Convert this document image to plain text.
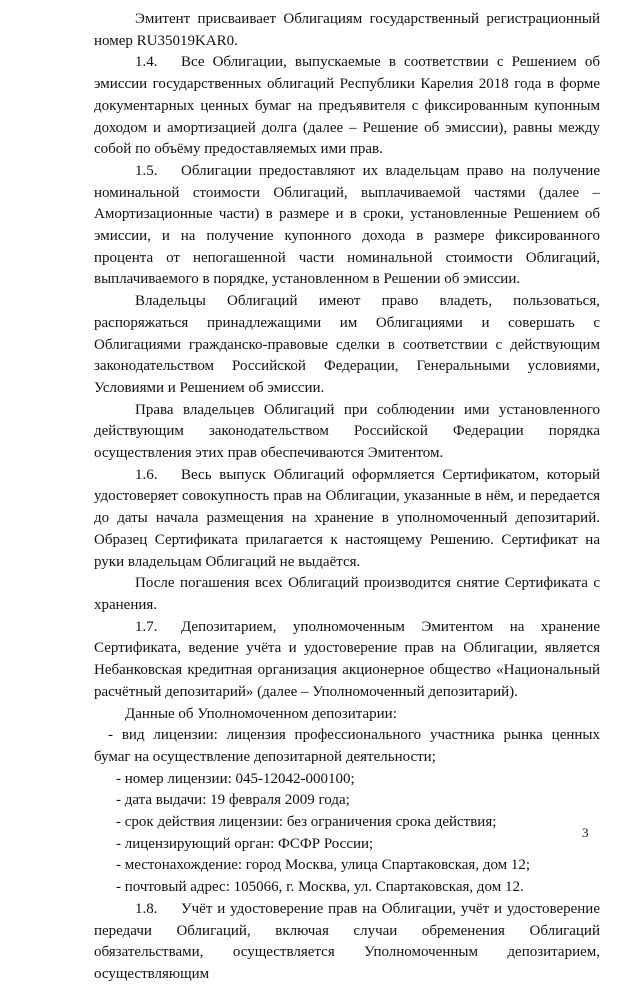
Эмитент присваивает Облигациям государственный регистрационный номер RU35019KAR0.

1.4. Все Облигации, выпускаемые в соответствии с Решением об эмиссии государственных облигаций Республики Карелия 2018 года в форме документарных ценных бумаг на предъявителя с фиксированным купонным доходом и амортизацией долга (далее – Решение об эмиссии), равны между собой по объёму предоставляемых ими прав.

1.5. Облигации предоставляют их владельцам право на получение номинальной стоимости Облигаций, выплачиваемой частями (далее – Амортизационные части) в размере и в сроки, установленные Решением об эмиссии, и на получение купонного дохода в размере фиксированного процента от непогашенной части номинальной стоимости Облигаций, выплачиваемого в порядке, установленном в Решении об эмиссии.

Владельцы Облигаций имеют право владеть, пользоваться, распоряжаться принадлежащими им Облигациями и совершать с Облигациями гражданско-правовые сделки в соответствии с действующим законодательством Российской Федерации, Генеральными условиями, Условиями и Решением об эмиссии.

Права владельцев Облигаций при соблюдении ими установленного действующим законодательством Российской Федерации порядка осуществления этих прав обеспечиваются Эмитентом.

1.6. Весь выпуск Облигаций оформляется Сертификатом, который удостоверяет совокупность прав на Облигации, указанные в нём, и передается до даты начала размещения на хранение в уполномоченный депозитарий. Образец Сертификата прилагается к настоящему Решению. Сертификат на руки владельцам Облигаций не выдаётся.

После погашения всех Облигаций производится снятие Сертификата с хранения.

1.7. Депозитарием, уполномоченным Эмитентом на хранение Сертификата, ведение учёта и удостоверение прав на Облигации, является Небанковская кредитная организация акционерное общество «Национальный расчётный депозитарий» (далее – Уполномоченный депозитарий).

Данные об Уполномоченном депозитарии:

- вид лицензии: лицензия профессионального участника рынка ценных бумаг на осуществление депозитарной деятельности;

- номер лицензии: 045-12042-000100;

- дата выдачи: 19 февраля 2009 года;

- срок действия лицензии: без ограничения срока действия;

- лицензирующий орган: ФСФР России;

- местонахождение: город Москва, улица Спартаковская, дом 12;

- почтовый адрес: 105066, г. Москва, ул. Спартаковская, дом 12.

1.8. Учёт и удостоверение прав на Облигации, учёт и удостоверение передачи Облигаций, включая случаи обременения Облигаций обязательствами, осуществляется Уполномоченным депозитарием, осуществляющим

3
